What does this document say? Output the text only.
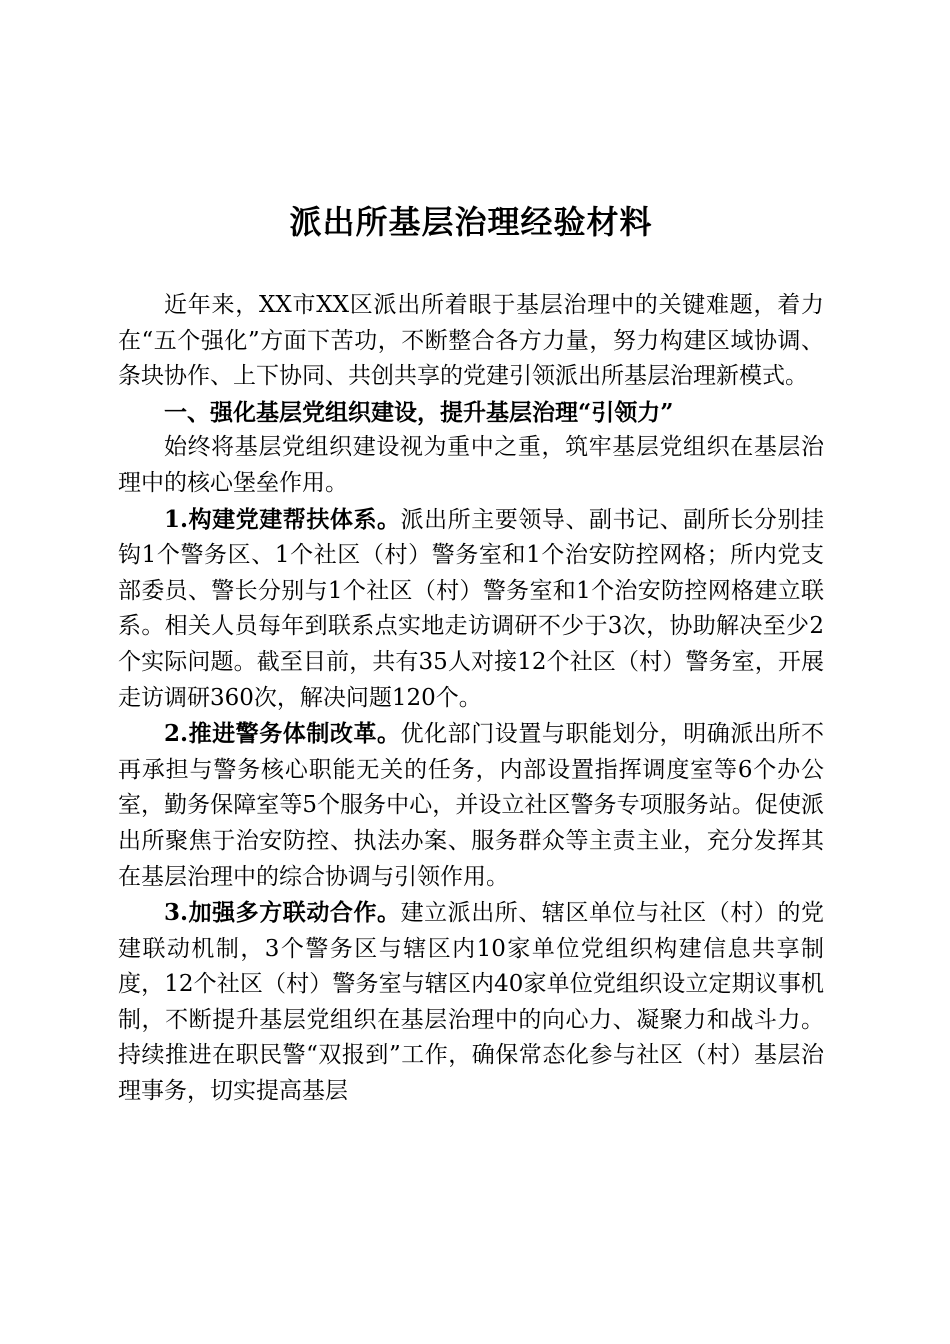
派出所基层治理经验材料

近年来，XX市XX区派出所着眼于基层治理中的关键难题，着力在“五个强化”方面下苦功，不断整合各方力量，努力构建区域协调、条块协作、上下协同、共创共享的党建引领派出所基层治理新模式。

一、强化基层党组织建设，提升基层治理“引领力”

始终将基层党组织建设视为重中之重，筑牢基层党组织在基层治理中的核心堡垒作用。

1.构建党建帮扶体系。派出所主要领导、副书记、副所长分别挂钩1个警务区、1个社区（村）警务室和1个治安防控网格；所内党支部委员、警长分别与1个社区（村）警务室和1个治安防控网格建立联系。相关人员每年到联系点实地走访调研不少于3次，协助解决至少2个实际问题。截至目前，共有35人对接12个社区（村）警务室，开展走访调研360次，解决问题120个。

2.推进警务体制改革。优化部门设置与职能划分，明确派出所不再承担与警务核心职能无关的任务，内部设置指挥调度室等6个办公室，勤务保障室等5个服务中心，并设立社区警务专项服务站。促使派出所聚焦于治安防控、执法办案、服务群众等主责主业，充分发挥其在基层治理中的综合协调与引领作用。

3.加强多方联动合作。建立派出所、辖区单位与社区（村）的党建联动机制，3个警务区与辖区内10家单位党组织构建信息共享制度，12个社区（村）警务室与辖区内40家单位党组织设立定期议事机制，不断提升基层党组织在基层治理中的向心力、凝聚力和战斗力。持续推进在职民警“双报到”工作，确保常态化参与社区（村）基层治理事务，切实提高基层
